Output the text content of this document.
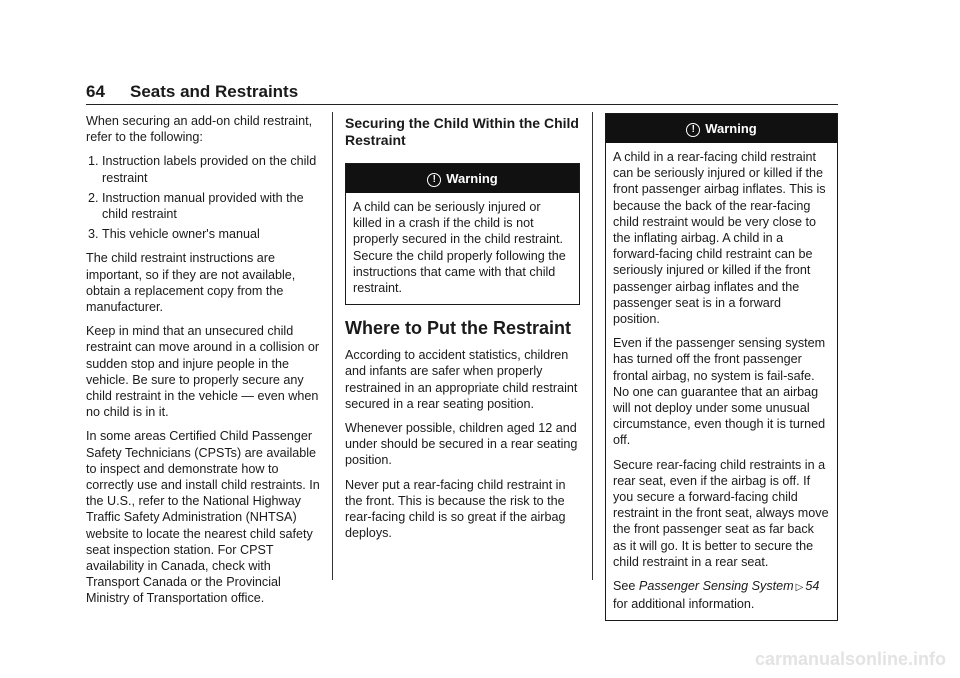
64 Seats and Restraints

When securing an add-on child restraint, refer to the following:

1. Instruction labels provided on the child restraint
2. Instruction manual provided with the child restraint
3. This vehicle owner's manual

The child restraint instructions are important, so if they are not available, obtain a replacement copy from the manufacturer.

Keep in mind that an unsecured child restraint can move around in a collision or sudden stop and injure people in the vehicle. Be sure to properly secure any child restraint in the vehicle — even when no child is in it.

In some areas Certified Child Passenger Safety Technicians (CPSTs) are available to inspect and demonstrate how to correctly use and install child restraints. In the U.S., refer to the National Highway Traffic Safety Administration (NHTSA) website to locate the nearest child safety seat inspection station. For CPST availability in Canada, check with Transport Canada or the Provincial Ministry of Transportation office.

Securing the Child Within the Child Restraint
! Warning

A child can be seriously injured or killed in a crash if the child is not properly secured in the child restraint. Secure the child properly following the instructions that came with that child restraint.

Where to Put the Restraint

According to accident statistics, children and infants are safer when properly restrained in an appropriate child restraint secured in a rear seating position.

Whenever possible, children aged 12 and under should be secured in a rear seating position.

Never put a rear-facing child restraint in the front. This is because the risk to the rear-facing child is so great if the airbag deploys.

! Warning

A child in a rear-facing child restraint can be seriously injured or killed if the front passenger airbag inflates. This is because the back of the rear-facing child restraint would be very close to the inflating airbag. A child in a forward-facing child restraint can be seriously injured or killed if the front passenger airbag inflates and the passenger seat is in a forward position.

Even if the passenger sensing system has turned off the front passenger frontal airbag, no system is fail-safe. No one can guarantee that an airbag will not deploy under some unusual circumstance, even though it is turned off.

Secure rear-facing child restraints in a rear seat, even if the airbag is off. If you secure a forward-facing child restraint in the front seat, always move the front passenger seat as far back as it will go. It is better to secure the child restraint in a rear seat.

See Passenger Sensing System ▷ 54 for additional information.

carmanualsonline.info
